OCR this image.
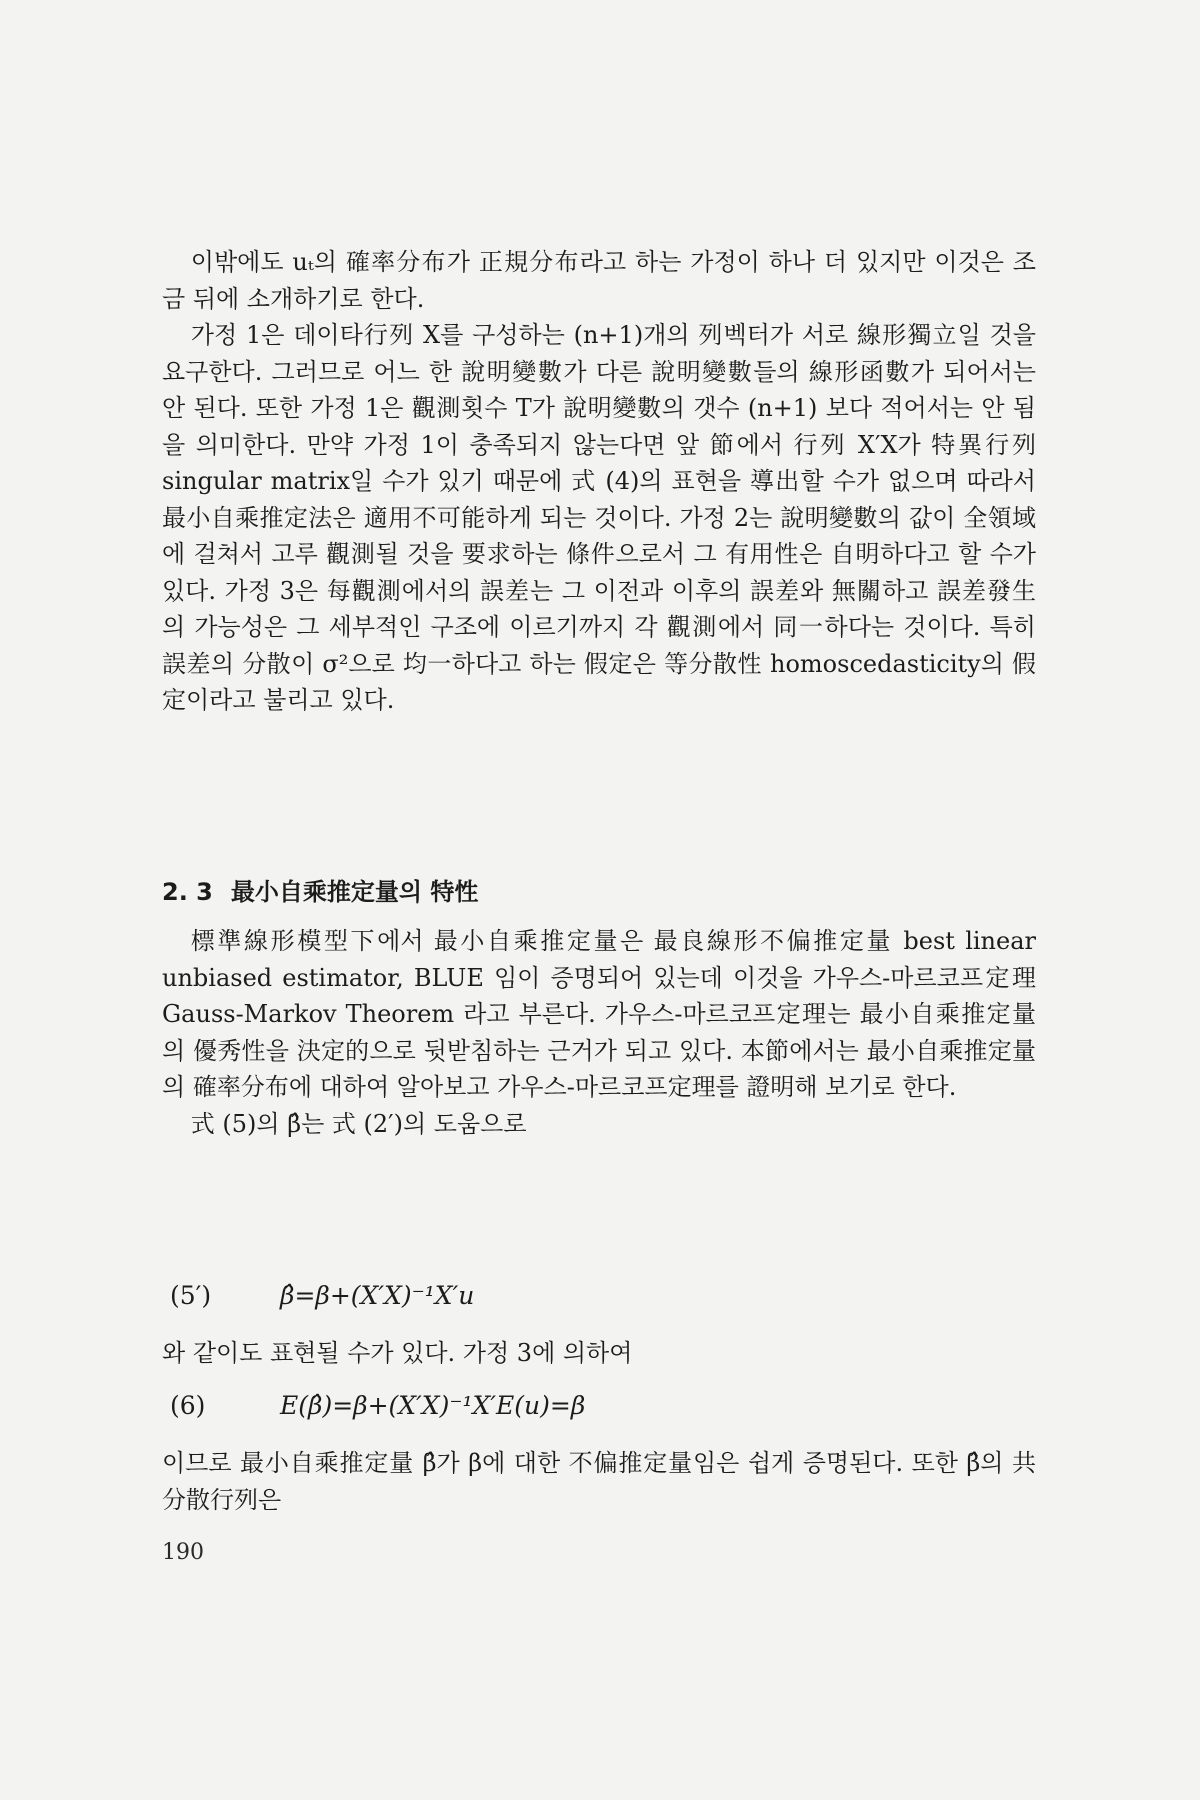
이밖에도 uₜ의 確率分布가 正規分布라고 하는 가정이 하나 더 있지만 이것은 조금 뒤에 소개하기로 한다.

가정 1은 데이타行列 X를 구성하는 (n+1)개의 列벡터가 서로 線形獨立일 것을 요구한다. 그러므로 어느 한 說明變數가 다른 說明變數들의 線形函數가 되어서는 안 된다. 또한 가정 1은 觀測횟수 T가 說明變數의 갯수 (n+1) 보다 적어서는 안 됨을 의미한다. 만약 가정 1이 충족되지 않는다면 앞 節에서 行列 X′X가 特異行列 singular matrix일 수가 있기 때문에 式 (4)의 표현을 導出할 수가 없으며 따라서 最小自乘推定法은 適用不可能하게 되는 것이다. 가정 2는 說明變數의 값이 全領域에 걸쳐서 고루 觀測될 것을 要求하는 條件으로서 그 有用性은 自明하다고 할 수가 있다. 가정 3은 每觀測에서의 誤差는 그 이전과 이후의 誤差와 無關하고 誤差發生의 가능성은 그 세부적인 구조에 이르기까지 각 觀測에서 同一하다는 것이다. 특히 誤差의 分散이 σ²으로 均一하다고 하는 假定은 等分散性 homoscedasticity의 假定이라고 불리고 있다.

2. 3 最小自乘推定量의 特性

標準線形模型下에서 最小自乘推定量은 最良線形不偏推定量 best linear unbiased estimator, BLUE 임이 증명되어 있는데 이것을 가우스-마르코프定理 Gauss-Markov Theorem 라고 부른다. 가우스-마르코프定理는 最小自乘推定量의 優秀性을 決定的으로 뒷받침하는 근거가 되고 있다. 本節에서는 最小自乘推定量의 確率分布에 대하여 알아보고 가우스-마르코프定理를 證明해 보기로 한다.

式 (5)의 β̂는 式 (2′)의 도움으로

(5′)	β̂=β+(X′X)⁻¹X′u
와 같이도 표현될 수가 있다. 가정 3에 의하여
(6)	E(β̂)=β+(X′X)⁻¹X′E(u)=β

이므로 最小自乘推定量 β̂가 β에 대한 不偏推定量임은 쉽게 증명된다. 또한 β̂의 共分散行列은

190
